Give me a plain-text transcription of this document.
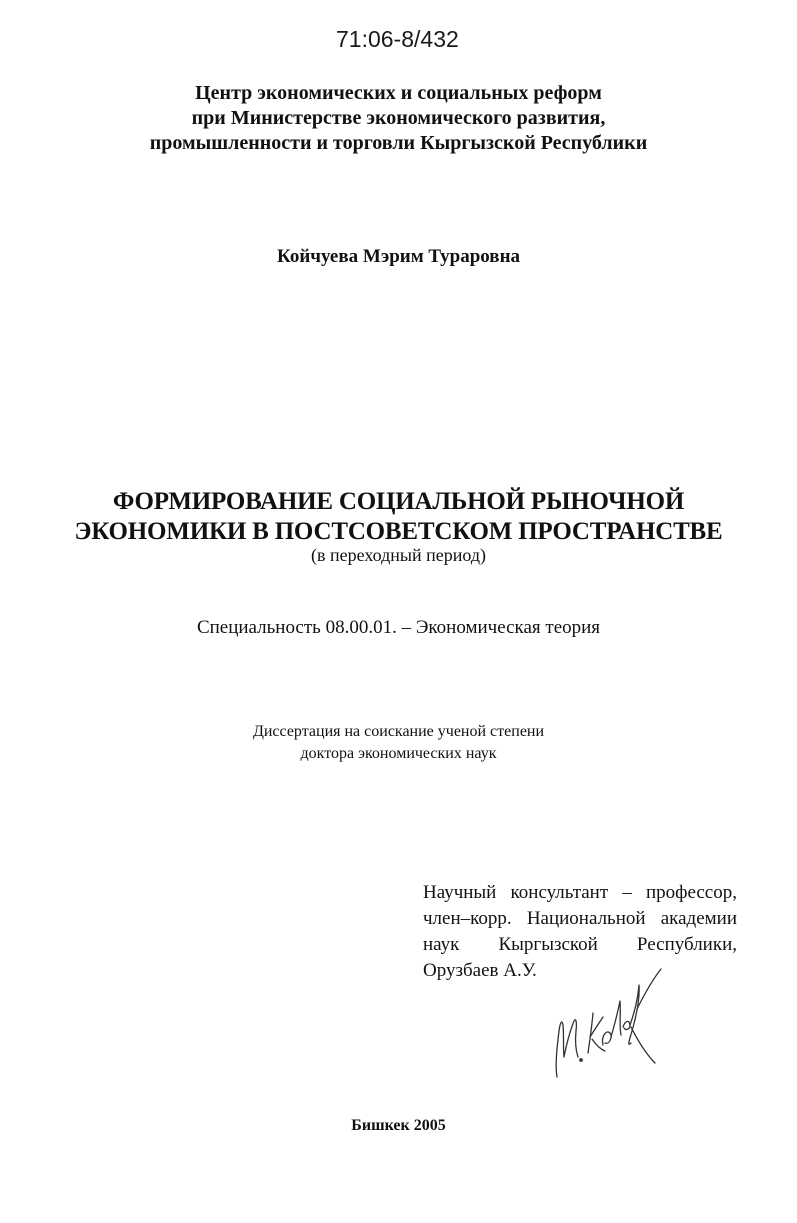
71:06-8/432
Центр экономических и социальных реформ
при Министерстве экономического развития,
промышленности и торговли Кыргызской Республики
Койчуева Мэрим Тураровна
ФОРМИРОВАНИЕ СОЦИАЛЬНОЙ РЫНОЧНОЙ
ЭКОНОМИКИ В ПОСТСОВЕТСКОМ ПРОСТРАНСТВЕ
(в переходный период)
Специальность 08.00.01. – Экономическая теория
Диссертация на соискание ученой степени
доктора экономических наук
Научный консультант – профессор,
член–корр. Национальной академии
наук Кыргызской Республики,
Орузбаев А.У.
Бишкек 2005
